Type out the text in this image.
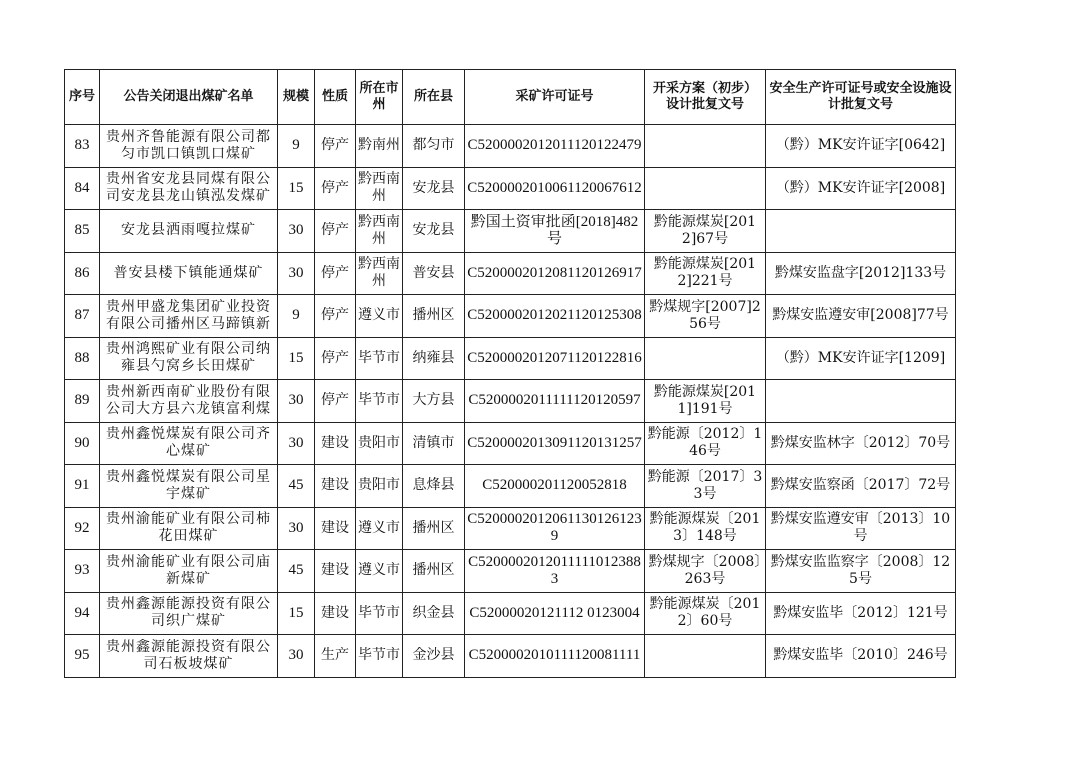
序号	公告关闭退出煤矿名单	规模	性质	所在市州	所在县	采矿许可证号	开采方案（初步）设计批复文号	安全生产许可证号或安全设施设计批复文号

83	贵州齐鲁能源有限公司都匀市凯口镇凯口煤矿	9	停产	黔南州	都匀市	C5200002012011120122479		（黔）MK安许证字[0642]

84	贵州省安龙县同煤有限公司安龙县龙山镇泓发煤矿	15	停产	黔西南州	安龙县	C5200002010061120067612		（黔）MK安许证字[2008]

85	安龙县洒雨嘎拉煤矿	30	停产	黔西南州	安龙县	黔国土资审批函[2018]482号	黔能源煤炭[2012]67号	

86	普安县楼下镇能通煤矿	30	停产	黔西南州	普安县	C5200002012081120126917	黔能源煤炭[2012]221号	黔煤安监盘字[2012]133号

87	贵州甲盛龙集团矿业投资有限公司播州区马蹄镇新	9	停产	遵义市	播州区	C5200002012021120125308	黔煤规字[2007]256号	黔煤安监遵安审[2008]77号

88	贵州鸿熙矿业有限公司纳雍县勺窝乡长田煤矿	15	停产	毕节市	纳雍县	C5200002012071120122816		（黔）MK安许证字[1209]

89	贵州新西南矿业股份有限公司大方县六龙镇富利煤	30	停产	毕节市	大方县	C5200002011111120120597	黔能源煤炭[2011]191号	

90	贵州鑫悦煤炭有限公司齐心煤矿	30	建设	贵阳市	清镇市	C5200002013091120131257	黔能源〔2012〕146号	黔煤安监林字〔2012〕70号

91	贵州鑫悦煤炭有限公司星宇煤矿	45	建设	贵阳市	息烽县	C520000201120052818	黔能源〔2017〕33号	黔煤安监察函〔2017〕72号

92	贵州渝能矿业有限公司柿花田煤矿	30	建设	遵义市	播州区	C52000020120611301261239	黔能源煤炭〔2013〕148号	黔煤安监遵安审〔2013〕10号

93	贵州渝能矿业有限公司庙新煤矿	45	建设	遵义市	播州区	C52000020120111110123883	黔煤规字〔2008〕263号	黔煤安监监察字〔2008〕125号

94	贵州鑫源能源投资有限公司织广煤矿	15	建设	毕节市	织金县	C52000020121112 0123004	黔能源煤炭〔2012〕60号	黔煤安监毕〔2012〕121号

95	贵州鑫源能源投资有限公司石板坡煤矿	30	生产	毕节市	金沙县	C5200002010111120081111		黔煤安监毕〔2010〕246号
